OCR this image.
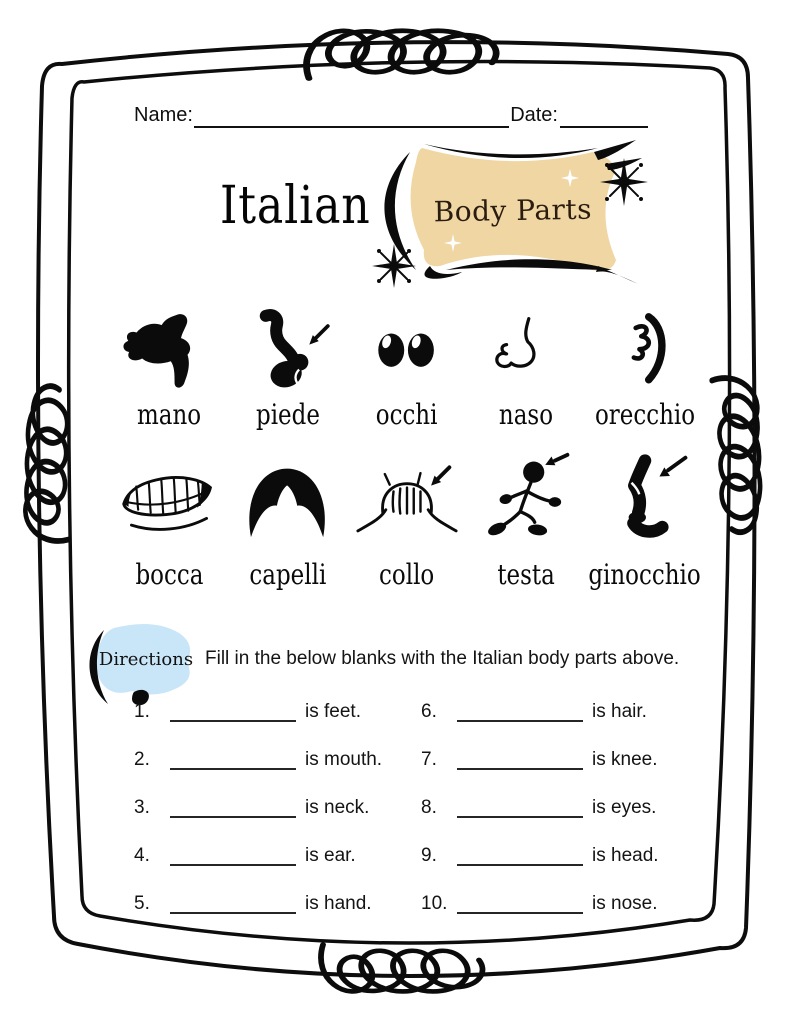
Name:	Date:
Italian Body Parts
mano piede occhi naso orecchio
bocca capelli collo testa ginocchio
Directions Fill in the below blanks with the Italian body parts above.
1.	is feet.	6.	is hair.
2.	is mouth. 7.	is knee.
3.	is neck.	8.	is eyes.
4.	is ear.	9.	is head.
5.	is hand.	10.	is nose.
